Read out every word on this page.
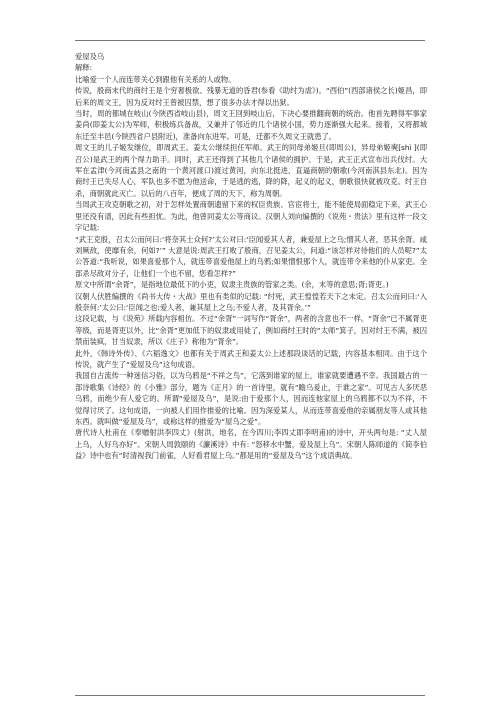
爱屋及乌

解释:

比喻爱一个人而连带关心到跟他有关系的人或物。

传说，殷商末代的商纣王是个穷奢极欲、残暴无道的昏君(参看《助纣为虐》)。“西伯”(西部诸侯之长)姬昌，即后来的周文王，因为反对纣王曾被囚禁，想了很多办法才得以出狱。

当时，周的都城在岐山(今陕西省岐山县)，周文王回到岐山后，下决心要推翻商朝的统治。他首先聘得军事家姜尚(即姜太公)为军师，积极练兵备战，又兼并了邻近的几个诸侯小国，势力逐渐强大起来。接着，又将都城东迁至丰邑(今陕西省户县附近)，准备向东进军。可是，迁都不久周文王就患了。

周文王的儿子姬发继位，即周武王。姜太公继续担任军师。武王的同母弟姬旦(即周公)，异母弟姬奭[shì ](即召公)是武王的两个得力助手。同时，武王还得到了其他几个诸侯的拥护。于是，武王正式宣布出兵伐纣。大军在孟津(今河南孟县之南的一个黄河渡口)渡过黄河，向东北挺进，直逼商朝的朝歌(今河南淇县东北)。因为商纣王已失尽人心，军队也多不愿为他送命，于是逃的逃，降的降，起义的起义，朝歌很快就被攻克。纣王自杀，商朝就此灭亡。以后的八百年，便成了周的天下，称为周朝。

当周武王攻克朝歌之初，对于怎样处置商朝遗留下来的权臣贵族、官宦将士，能不能使局面稳定下来，武王心里还没有谱，因此有些担忧。为此，他曾同姜太公等商议。汉朝人刘向编撰的《说苑・贵法》里有这样一段文字记载:

“武王克殷，召太公而问曰:‘将奈其士众何?’太公对曰:‘臣闻爱其人者，兼爱屋上之乌;憎其人者，恶其余胥。咸刘厥敌，使靡有余，何如?’” 大意是说:周武王打败了殷商，召见姜太公，问道:“该怎样对待他们的人员呢?”太公答道:“我听说，如果喜爱那个人，就连带喜爱他屋上的乌鸦;如果憎恨那个人，就连带令来他的仆从家吏。全部杀尽敌对分子，让他们一个也不留，您看怎样?”

原文中所谓“余胥”，是指地位最低下的小吏，奴隶主贵族的管家之类。(余，末等的意思;胥;胥吏。)

汉朝人伏胜编撰的《尚书大传・大战》里也有类似的记载: “纣死，武王惶惶若天下之未定。召太公而问曰:‘入殷奈何:’太公曰:‘臣闻之也:爱人者，兼其屋上之乌;不爱人者，及其胥余。’”

这段记载，与《说苑》所载内容相仿。不过“余胥”一词写作“胥余”，两者的含意也不一样。“胥余”已不属胥吏等级，而是胥吏以外，比“余胥”更加低下的奴隶或用徒了，例如商纣王时的“太师”箕子，因对纣王不满，被囚禁而装疯，甘当奴隶，所以《庄子》称他为“胥余”。

此外，《韩诗外传》、《六韬逸文》也都有关于周武王和姜太公上述那段谈话的记载，内容基本相同。由于这个传说，就产生了“爱屋及乌”这句成语。

我国自古流传一种迷信习俗，以为乌鸦是“不祥之鸟”，它落到谁家的屋上，谁家就要遭遇不幸。我国最古的一部诗歌集《诗经》的《小雅》部分，题为《正月》的一首诗里，就有“瞻乌爰止，于谁之家”。可见古人多厌恶乌鸦，而绝少有人爱它的。所谓“爱屋及乌”，是说:由于爱那个人，因而连他家屋上的乌鸦都不以为不祥，不觉得讨厌了。这句成语，一向被人们用作推爱的比喻。因为深爱某人，从而连带喜爱他的亲属朋友等人或其他东西。就叫做“爱屋及乌”，或称这样的推爱为“屋乌之爱”。

唐代诗人杜甫在《奉赠射洪李四丈》(射洪，地名，在今四川;李四丈即李明甫)的诗中，开头两句是: “丈人屋上乌，人好乌亦好”。宋朝人周敦颐的《濂溪诗》中有: “怒移水中蟹，爱及屋上乌”。宋朝人陈师道的《简李伯益》诗中也有“时清视我门前雀，人好看君屋上乌。”都是用的“爱屋及乌”这个成语典故。
